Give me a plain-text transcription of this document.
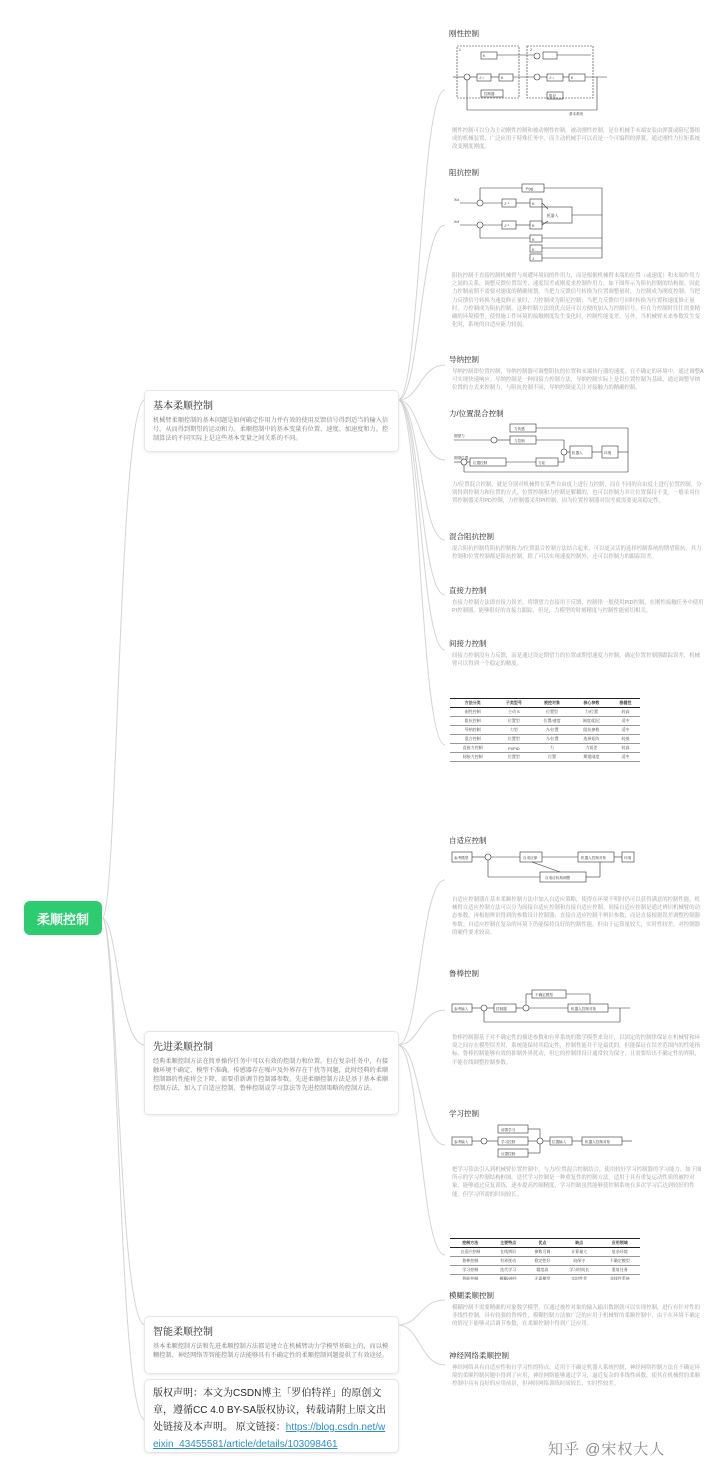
柔顺控制
基本柔顺控制
机械臂柔顺控制的基本问题是如何确定作用力并有效的使用反馈信号得到适当的输入信号。从而得到期望的运动和力。柔顺控制中的基本变量有位置、速度、加速度和力。控制算法的不同实际上是这些基本变量之间关系的不同。
先进柔顺控制
经典柔顺控制方法在简单操作任务中可以有效的控制力和位置。但在复杂任务中，有接触环境不确定、模型不准确、传感器存在噪声及外界存在干扰等问题，此时经典的柔顺控制器的性能将会下降，需要重新调节控制器参数。先进柔顺控制方法是基于基本柔顺控制方法，加入了自适应控制、鲁棒控制或学习算法等先进控制策略的控制方法。
智能柔顺控制
基本柔顺控制方法和先进柔顺控制方法都是建立在机械臂动力学模型基础上的，而以模糊控制、神经网络等智能控制方法能够具有不确定性的柔顺控制问题提供了有效途径。
版权声明：本文为CSDN博主「罗伯特祥」的原创文章，遵循CC 4.0 BY-SA版权协议，转载请附上原文出处链接及本声明。 原文链接：https://blog.csdn.net/weixin_43455581/article/details/103098461
刚性控制
1	2
K
J⁻¹	K	J⁻¹	K
控制器	阻尼
基本系统
刚性控制可以分为主动刚性控制和被动刚性控制。被动刚性控制，是在机械手末端安装由弹簧或阻尼器组成的机械装置，广泛应用于特殊任务中。而主动机械手可以看是一个可编程的弹簧，通过刚性力位矩系统改变刚度刚度。
阻抗控制
P(q)
Xd
Xd'
J⁻¹	K
J⁻¹	K
机器人
K
K
J
阻抗控制不直接控制机械臂与周遭环境间的作用力，而是根据机械臂末端的位置（或速度）和末端作用力之间的关系，调整反馈位置误差、速度误差或刚度来控制作用力，如下图所示为阻抗控制的结构图。因此力控制前期不需要对速度的精确规划。当把力反馈信号转换为位置调整量时，力控制成为刚度控制；当把力反馈信号转换为速度修正量时，力控制成为阻尼控制；当把力反馈信号同时转换为位置和速度修正量时，力控制成为阻抗控制。这种控制方法的优点是可以方便的加入力控制信号，但在力控制时往往需要精确的环境模型，使得施工件环境的接触刚度发生变化时，控制性能变差。另外，当机械臂未来参数发生变化时，系统的自适应能力较弱。
导纳控制
导纳控制即位置控制，导纳控制器可调整阻抗的位置和末端执行器的速度，在不确定的环境中，通过调整A可实现快速响应。导纳控制是一种间接力控制方法，导纳控制实际上是以位置控制为基础，通过调整导纳位置的方式来控制力，与阻抗控制不同，导纳控制更关注对接触力的精确控制。
力/位置混合控制
力传感
力控制
期望力
期望位置
位置控制	力矩
机器人	环境
力/位置混合控制，就是分别对机械臂在某些自由度上进行力控制，而在不同的自由度上进行位置控制，分别得到控制力和位置的方式。位置控制和力控制是解耦的，也可以控制力并让位置保持不变，一般采用位置控制器采用PD控制，力控制器采用PI控制，因为位置控制器对误差就需要更高稳定性。
混合阻抗控制
混合阻抗控制将阻抗控制和力/位置混合控制方法结合起来，可以更灵活的选择控制系统的期望阻抗，其力控制和位置控制都是阻抗控制，除了可以实现速度控制外，还可以控制力的跟踪误差。
直接力控制
直接力控制方法即直接力误差，将期望力直接用于反馈，控制律一般使用PID控制，在刚性接触任务中使用PI控制器，能够很好的直接力跟踪，但是，力模型的时刻精度与控制性能密切相关。
间接力控制
间接力控制没有力反馈，而是通过设定期望力的位置或期望速度力控制，确定位置控制器跟踪误差，机械臂可以得到一个稳定的精度。
方法分类	子类型号	被控对象	核心参数	稳健性
刚性控制	主动 S	位置型	力/位置	较高
阻抗控制	位置型	位置/速度	刚度/阻尼	适中
导纳控制	力型	力/位置	阻抗参数	适中
混合控制	位置型	力/位置	选择矩阵	较低
直接力控制	PI/PID	力	力误差	较高
间接力控制	位置型	位置	期望刚度	适中
自适应控制
参考模型	自适应律	机器人控制对象	环境
自适应机构调整
自适应控制器在基本柔顺控制方法中加入自适应策略，使得在环境不明时仍可以获得满意的控制性能，机械臂自适应控制方法可以分为间接自适应控制和直接自适应控制。间接自适应控制是通过辨识机械臂的动态参数，再根据辨识得到的参数设计控制器；直接自适应控制不辨识参数，而是直接根据误差调整控制器参数。自适应控制在复杂的环境下仍能保持良好的控制性能，但由于运算量较大，实时性较差，对控制器的硬件要求较高。
鲁棒控制
参考输入	控制器
不确定模型
机器人控制对象
鲁棒控制器基于对不确定性的描述参数和有界系统的数学模型来设计，以固定的控制律保证在机械臂和环境之间存在模型误差时，系统能保持其稳定性，控制性能并不是最优的，但能保证在误差范围内的性能指标。鲁棒控制能够有效的抑制外界扰动，但它的控制律设计通常较为保守，且需要给出不确定性的界限，不能在线调整控制参数。
学习控制
参考输入
前馈学习
学习控制
反馈控制
位置输入	机器人控制对象
把学习算法引入到机械臂位置控制中，与力/位置混合控制结合，使用较好学习控制器的学习能力，如下图所示的学习控制结构框图。迭代学习控制是一种重复性的控制方法，适用于具有重复运动性质的被控对象，能够通过反复训练，逐步提高控制精度，学习控制虽然能够使控制系统在多次学习后达到较好的性能，但学习所需的时间较长。
控制方法	主要特点	优点	缺点	应用领域
自适应控制	在线辨识	参数可调	计算量大	复杂环境
鲁棒控制	有界扰动	稳定性好	较保守	不确定模型
学习控制	迭代学习	精度高	学习时间长	重复任务
智能控制	模糊/神经	无需模型	实时性差	非线性系统
模糊柔顺控制
模糊控制不需要精确的对象数学模型，仅通过被控对象的输入输出数据就可以实现控制，进行有针对性的非线性控制，具有较强的鲁棒性，模糊控制方法被广泛的应用于机械臂的柔顺控制中，由于在环境不确定的情况下能够灵活调节参数，在柔顺控制中得到广泛应用。
神经网络柔顺控制
神经网络具有自适应性和自学习性的特点，适用于不确定机器人系统控制，神经网络控制方法在不确定环境的柔顺控制问题中得到了应用，神经网络能够通过学习，逼近复杂的非线性函数，使其在机械臂的柔顺控制中具有良好的应用前景，但神经网络训练时间较长，实时性较差。
知乎 @宋权大人
